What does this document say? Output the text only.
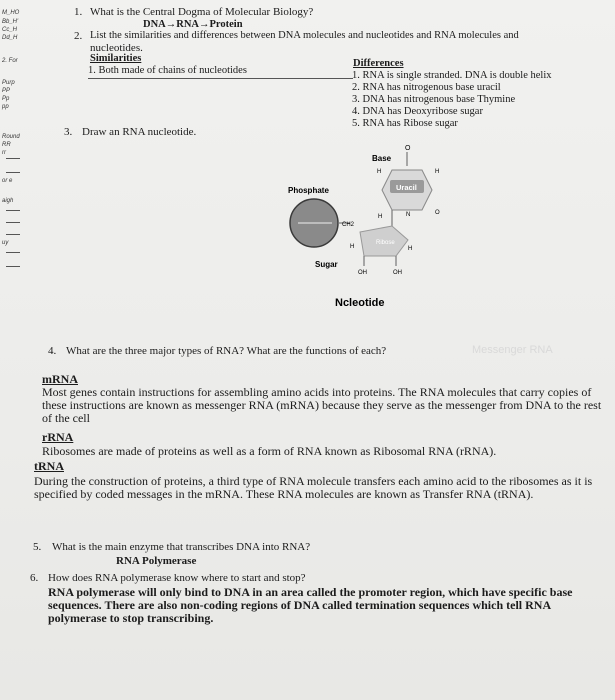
M_HO
Bb_H'
Cc_H
Dd_H
2. For
Purp
PP
Pp
pp
Round
RR
rr
or e
aigh
uy
1. What is the Central Dogma of Molecular Biology?
DNA→RNA→Protein
2. List the similarities and differences between DNA molecules and nucleotides and RNA molecules and
nucleotides.
Similarities
1. Both made of chains of nucleotides
Differences
1. RNA is single stranded. DNA is double helix
2. RNA has nitrogenous base uracil
3. DNA has nitrogenous base Thymine
4. DNA has Deoxyribose sugar
5. RNA has Ribose sugar
3. Draw an RNA nucleotide.
Base
H
O
Uracil
H
N	O
H
Phosphate
CH2
Ribose
H	H
Sugar
OH	OH
Ncleotide
4. What are the three major types of RNA? What are the functions of each?	Messenger RNA
mRNA
Most genes contain instructions for assembling amino acids into proteins. The RNA molecules that carry copies of these instructions are known as messenger RNA (mRNA) because they serve as the messenger from DNA to the rest of the cell
rRNA
Ribosomes are made of proteins as well as a form of RNA known as Ribosomal RNA (rRNA).
tRNA
During the construction of proteins, a third type of RNA molecule transfers each amino acid to the ribosomes as it is specified by coded messages in the mRNA. These RNA molecules are known as Transfer RNA (tRNA).
5. What is the main enzyme that transcribes DNA into RNA?
RNA Polymerase
6. How does RNA polymerase know where to start and stop?
RNA polymerase will only bind to DNA in an area called the promoter region, which have specific base sequences. There are also non-coding regions of DNA called termination sequences which tell RNA polymerase to stop transcribing.
